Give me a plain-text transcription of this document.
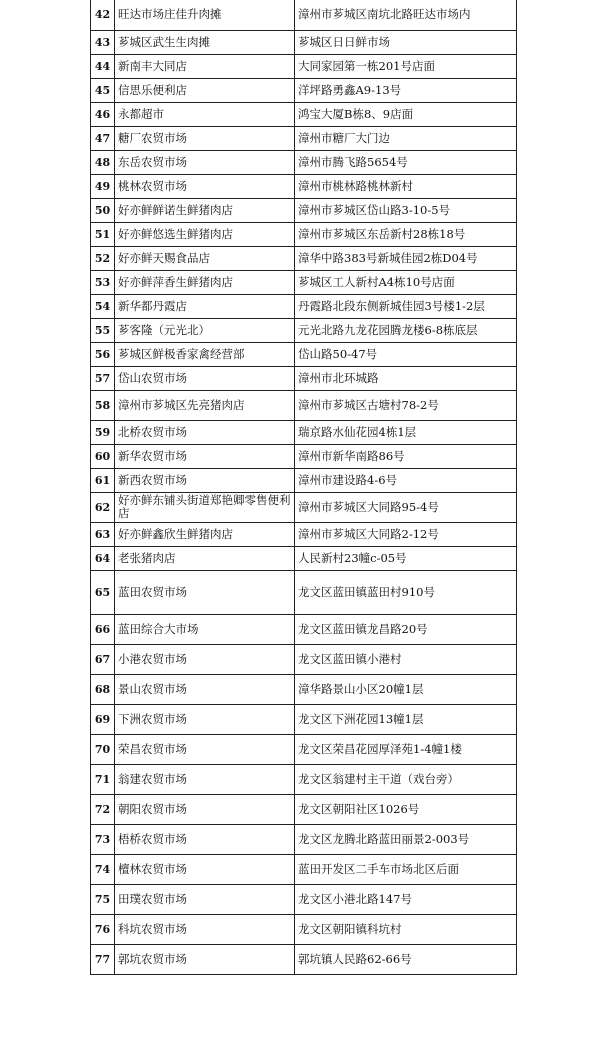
42	旺达市场庄佳升肉摊	漳州市芗城区南坑北路旺达市场内
43	芗城区武生生肉摊	芗城区日日鲜市场
44	新南丰大同店	大同家园第一栋201号店面
45	信思乐便利店	洋坪路勇鑫A9-13号
46	永都超市	鸿宝大厦B栋8、9店面
47	糖厂农贸市场	漳州市糖厂大门边
48	东岳农贸市场	漳州市腾飞路5654号
49	桃林农贸市场	漳州市桃林路桃林新村
50	好亦鲜鲜诺生鲜猪肉店	漳州市芗城区岱山路3-10-5号
51	好亦鲜悠选生鲜猪肉店	漳州市芗城区东岳新村28栋18号
52	好亦鲜天赐食品店	漳华中路383号新城佳园2栋D04号
53	好亦鲜萍香生鲜猪肉店	芗城区工人新村A4栋10号店面
54	新华都丹霞店	丹霞路北段东侧新城佳园3号楼1-2层
55	芗客隆（元光北）	元光北路九龙花园腾龙楼6-8栋底层
56	芗城区鲜极香家禽经营部	岱山路50-47号
57	岱山农贸市场	漳州市北环城路
58	漳州市芗城区先亮猪肉店	漳州市芗城区古塘村78-2号
59	北桥农贸市场	瑞京路水仙花园4栋1层
60	新华农贸市场	漳州市新华南路86号
61	新西农贸市场	漳州市建设路4-6号
62	好亦鲜东铺头街道郑艳卿零售便利店	漳州市芗城区大同路95-4号
63	好亦鲜鑫欣生鲜猪肉店	漳州市芗城区大同路2-12号
64	老张猪肉店	人民新村23幢c-05号
65	蓝田农贸市场	龙文区蓝田镇蓝田村910号
66	蓝田综合大市场	龙文区蓝田镇龙昌路20号
67	小港农贸市场	龙文区蓝田镇小港村
68	景山农贸市场	漳华路景山小区20幢1层
69	下洲农贸市场	龙文区下洲花园13幢1层
70	荣昌农贸市场	龙文区荣昌花园厚泽苑1-4幢1楼
71	翁建农贸市场	龙文区翁建村主干道（戏台旁）
72	朝阳农贸市场	龙文区朝阳社区1026号
73	梧桥农贸市场	龙文区龙腾北路蓝田丽景2-003号
74	檀林农贸市场	蓝田开发区二手车市场北区后面
75	田璞农贸市场	龙文区小港北路147号
76	科坑农贸市场	龙文区朝阳镇科坑村
77	郭坑农贸市场	郭坑镇人民路62-66号
